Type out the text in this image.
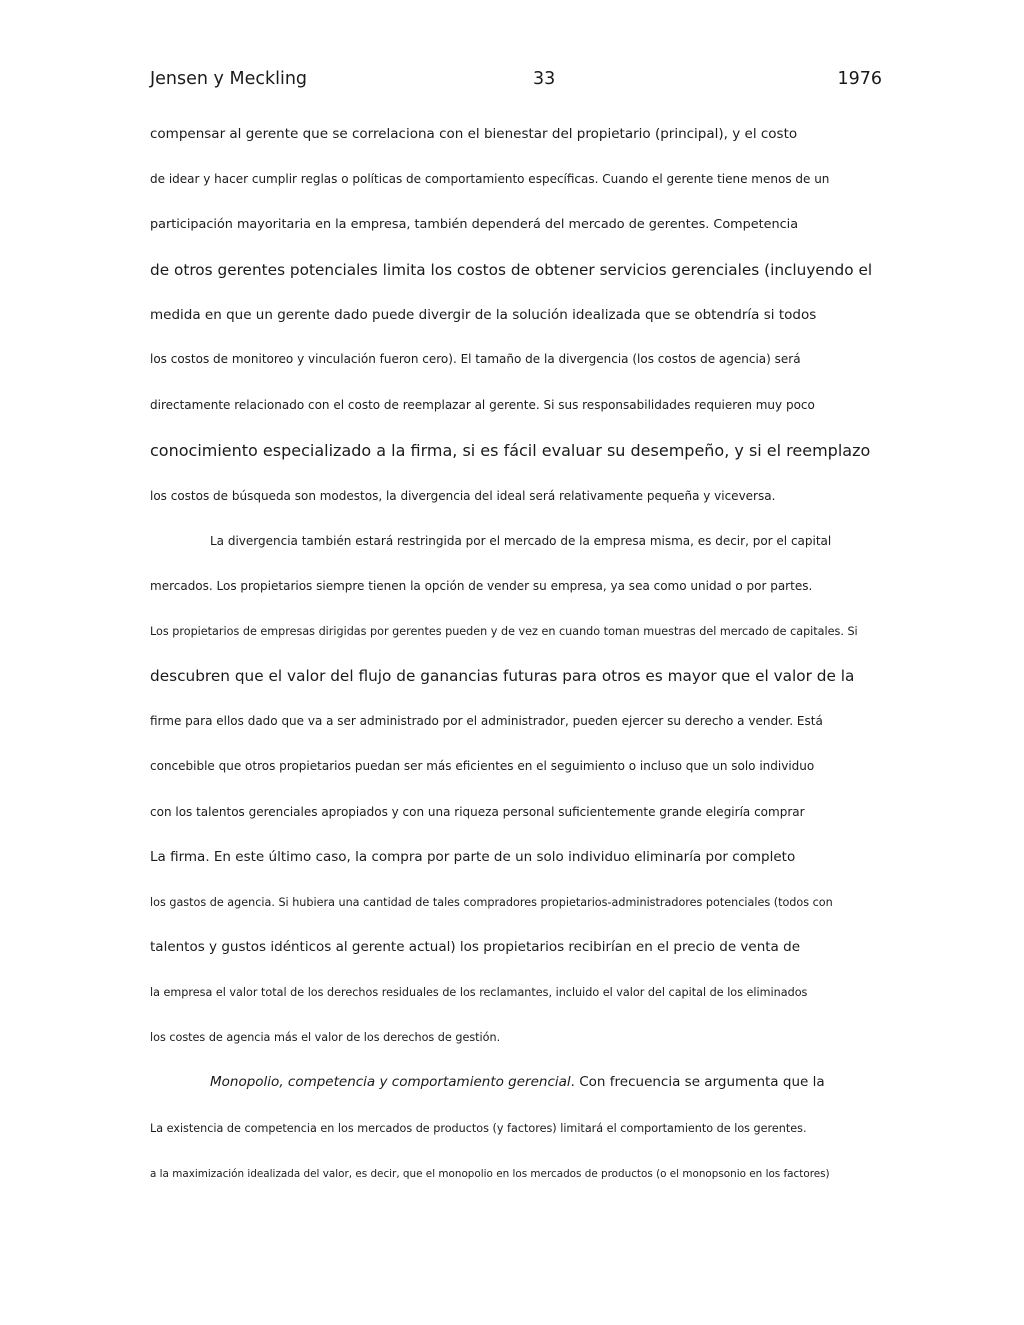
Jensen y Meckling	33	1976
compensar al gerente que se correlaciona con el bienestar del propietario (principal), y el costo
de idear y hacer cumplir reglas o políticas de comportamiento específicas. Cuando el gerente tiene menos de un
participación mayoritaria en la empresa, también dependerá del mercado de gerentes. Competencia
de otros gerentes potenciales limita los costos de obtener servicios gerenciales (incluyendo el
medida en que un gerente dado puede divergir de la solución idealizada que se obtendría si todos
los costos de monitoreo y vinculación fueron cero). El tamaño de la divergencia (los costos de agencia) será
directamente relacionado con el costo de reemplazar al gerente. Si sus responsabilidades requieren muy poco
conocimiento especializado a la firma, si es fácil evaluar su desempeño, y si el reemplazo
los costos de búsqueda son modestos, la divergencia del ideal será relativamente pequeña y viceversa.
La divergencia también estará restringida por el mercado de la empresa misma, es decir, por el capital
mercados. Los propietarios siempre tienen la opción de vender su empresa, ya sea como unidad o por partes.
Los propietarios de empresas dirigidas por gerentes pueden y de vez en cuando toman muestras del mercado de capitales. Si
descubren que el valor del flujo de ganancias futuras para otros es mayor que el valor de la
firme para ellos dado que va a ser administrado por el administrador, pueden ejercer su derecho a vender. Está
concebible que otros propietarios puedan ser más eficientes en el seguimiento o incluso que un solo individuo
con los talentos gerenciales apropiados y con una riqueza personal suficientemente grande elegiría comprar
La firma. En este último caso, la compra por parte de un solo individuo eliminaría por completo
los gastos de agencia. Si hubiera una cantidad de tales compradores propietarios-administradores potenciales (todos con
talentos y gustos idénticos al gerente actual) los propietarios recibirían en el precio de venta de
la empresa el valor total de los derechos residuales de los reclamantes, incluido el valor del capital de los eliminados
los costes de agencia más el valor de los derechos de gestión.
Monopolio, competencia y comportamiento gerencial. Con frecuencia se argumenta que la
La existencia de competencia en los mercados de productos (y factores) limitará el comportamiento de los gerentes.
a la maximización idealizada del valor, es decir, que el monopolio en los mercados de productos (o el monopsonio en los factores)
